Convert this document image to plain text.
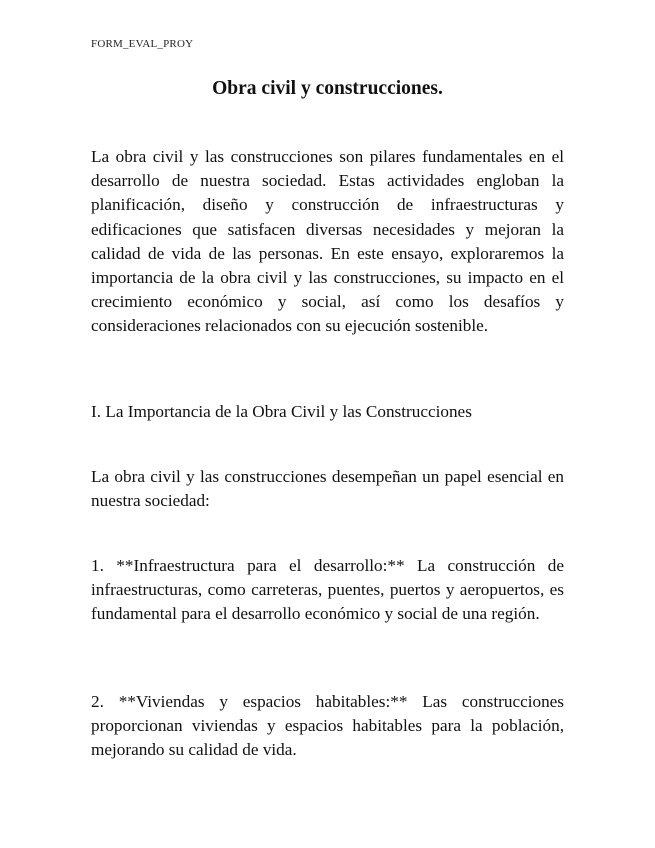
FORM_EVAL_PROY
Obra civil y construcciones.

La obra civil y las construcciones son pilares fundamentales en el desarrollo de nuestra sociedad. Estas actividades engloban la planificación, diseño y construcción de infraestructuras y edificaciones que satisfacen diversas necesidades y mejoran la calidad de vida de las personas. En este ensayo, exploraremos la importancia de la obra civil y las construcciones, su impacto en el crecimiento económico y social, así como los desafíos y consideraciones relacionados con su ejecución sostenible.

I. La Importancia de la Obra Civil y las Construcciones

La obra civil y las construcciones desempeñan un papel esencial en nuestra sociedad:

1. **Infraestructura para el desarrollo:** La construcción de infraestructuras, como carreteras, puentes, puertos y aeropuertos, es fundamental para el desarrollo económico y social de una región.

2. **Viviendas y espacios habitables:** Las construcciones proporcionan viviendas y espacios habitables para la población, mejorando su calidad de vida.
